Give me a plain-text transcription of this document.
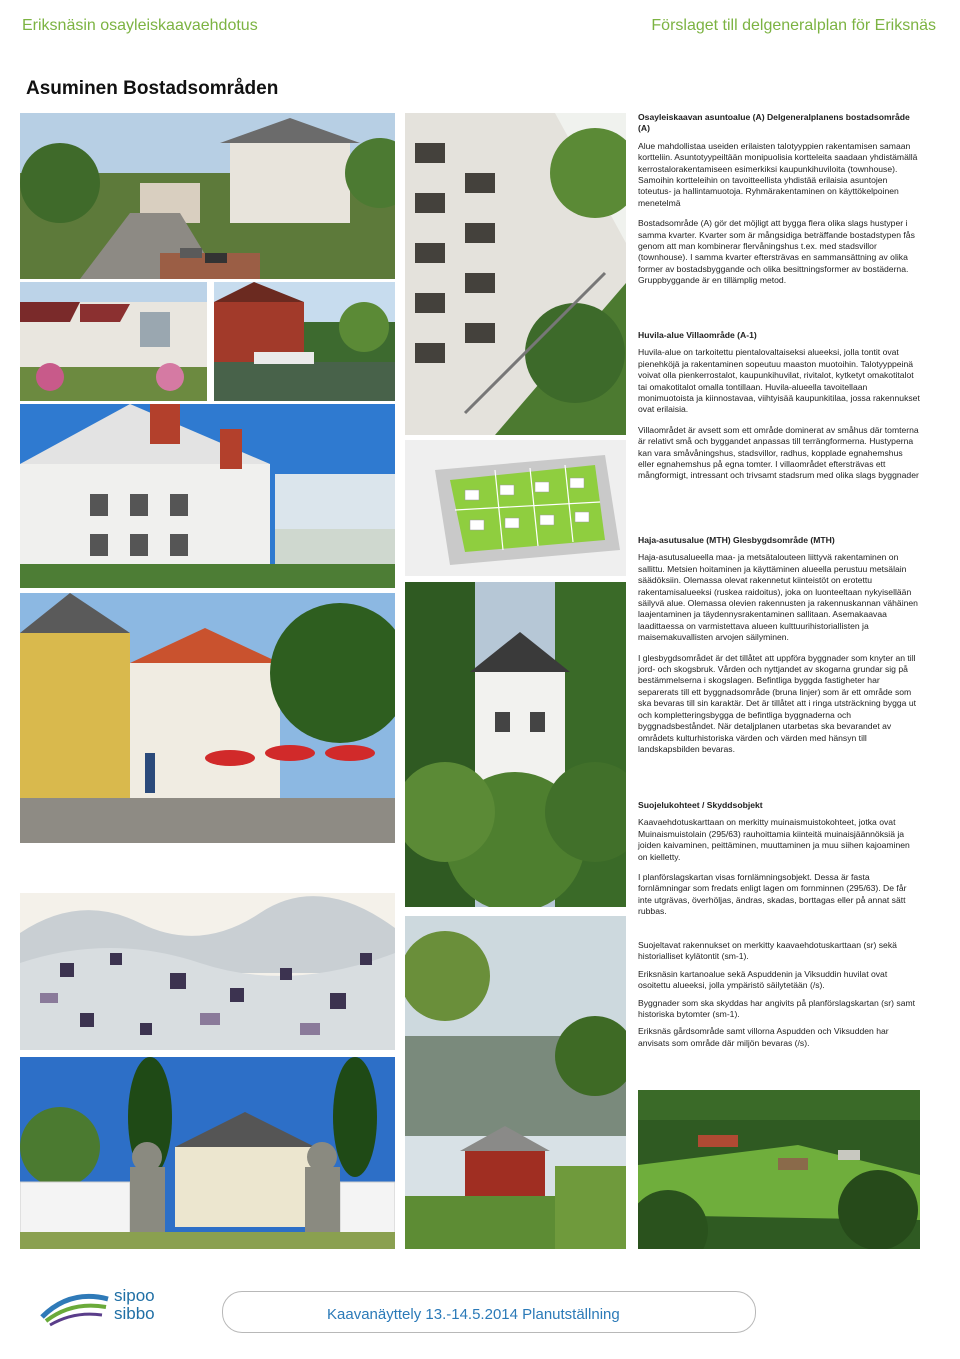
Eriksnäsin osayleiskaavaehdotus	Förslaget till delgeneralplan för Eriksnäs
Asuminen Bostadsområden
Osayleiskaavan asuntoalue (A) Delgeneralplanens bostadsområde
(A)

Alue mahdollistaa useiden erilaisten talotyyppien rakentamisen samaan kortteliin. Asuntotyypeiltään monipuolisia kortteleita saadaan yhdistämällä kerrostalorakentamiseen esimerkiksi kaupunkihuviloita (townhouse). Samoihin kortteleihin on tavoitteellista yhdistää erilaisia asuntojen toteutus- ja hallintamuotoja. Ryhmärakentaminen on käyttökelpoinen menetelmä

Bostadsområde (A) gör det möjligt att bygga flera olika slags hustyper i samma kvarter. Kvarter som är mångsidiga beträffande bostadstypen fås genom att man kombinerar flervåningshus t.ex. med stadsvillor (townhouse). I samma kvarter eftersträvas en sammansättning av olika former av bostadsbyggande och olika besittningsformer av bostäderna. Gruppbyggande är en tillämplig metod.

Huvila-alue Villaområde (A-1)

Huvila-alue on tarkoitettu pientalovaltaiseksi alueeksi, jolla tontit ovat pienehköjä ja rakentaminen sopeutuu maaston muotoihin. Talotyyppeinä voivat olla pienkerrostalot, kaupunkihuvilat, rivitalot, kytketyt omakotitalot tai omakotitalot omalla tontillaan. Huvila-alueella tavoitellaan monimuotoista ja kiinnostavaa, viihtyisää kaupunkitilaa, jossa rakennukset ovat erilaisia.

Villaområdet är avsett som ett område dominerat av småhus där tomterna är relativt små och byggandet anpassas till terrängformerna. Hustyperna kan vara småvåningshus, stadsvillor, radhus, kopplade egnahemshus eller egnahemshus på egna tomter. I villaområdet eftersträvas ett mångformigt, intressant och trivsamt stadsrum med olika slags byggnader

Haja-asutusalue (MTH) Glesbygdsområde (MTH)

Haja-asutusalueella maa- ja metsätalouteen liittyvä rakentaminen on sallittu. Metsien hoitaminen ja käyttäminen alueella perustuu metsälain säädöksiin. Olemassa olevat rakennetut kiinteistöt on erotettu rakentamisalueeksi (ruskea raidoitus), joka on luonteeltaan nykyisellään säilyvä alue. Olemassa olevien rakennusten ja rakennuskannan vähäinen laajentaminen ja täydennysrakentaminen sallitaan. Asemakaavaa laadittaessa on varmistettava alueen kulttuurihistoriallisten ja maisemakuvallisten arvojen säilyminen.

I glesbygdsområdet är det tillåtet att uppföra byggnader som knyter an till jord- och skogsbruk. Vården och nyttjandet av skogarna grundar sig på bestämmelserna i skogslagen. Befintliga byggda fastigheter har separerats till ett byggnadsområde (bruna linjer) som är ett område som ska bevaras till sin karaktär. Det är tillåtet att i ringa utsträckning bygga ut och kompletteringsbygga de befintliga byggnaderna och byggnadsbeståndet. När detaljplanen utarbetas ska bevarandet av områdets kulturhistoriska värden och värden med hänsyn till landskapsbilden bevaras.

Suojelukohteet / Skyddsobjekt

Kaavaehdotuskarttaan on merkitty muinaismuistokohteet, jotka ovat Muinaismuistolain (295/63) rauhoittamia kiinteitä muinaisjäännöksiä ja joiden kaivaminen, peittäminen, muuttaminen ja muu siihen kajoaminen on kielletty.

I planförslagskartan visas fornlämningsobjekt. Dessa är fasta fornlämningar som fredats enligt lagen om fornminnen (295/63). De får inte utgrävas, överhöljas, ändras, skadas, borttagas eller på annat sätt rubbas.

Suojeltavat rakennukset on merkitty kaavaehdotuskarttaan (sr) sekä historialliset kylätontit (sm-1).

Eriksnäsin kartanoalue sekä Aspuddenin ja Viksuddin huvilat ovat osoitettu alueeksi, jolla ympäristö säilytetään (/s).

Byggnader som ska skyddas har angivits på planförslagskartan (sr) samt historiska bytomter (sm-1).

Eriksnäs gårdsområde samt villorna Aspudden och Viksudden har anvisats som område där miljön bevaras (/s).

sipoo
sibbo	Kaavanäyttely 13.-14.5.2014 Planutställning
